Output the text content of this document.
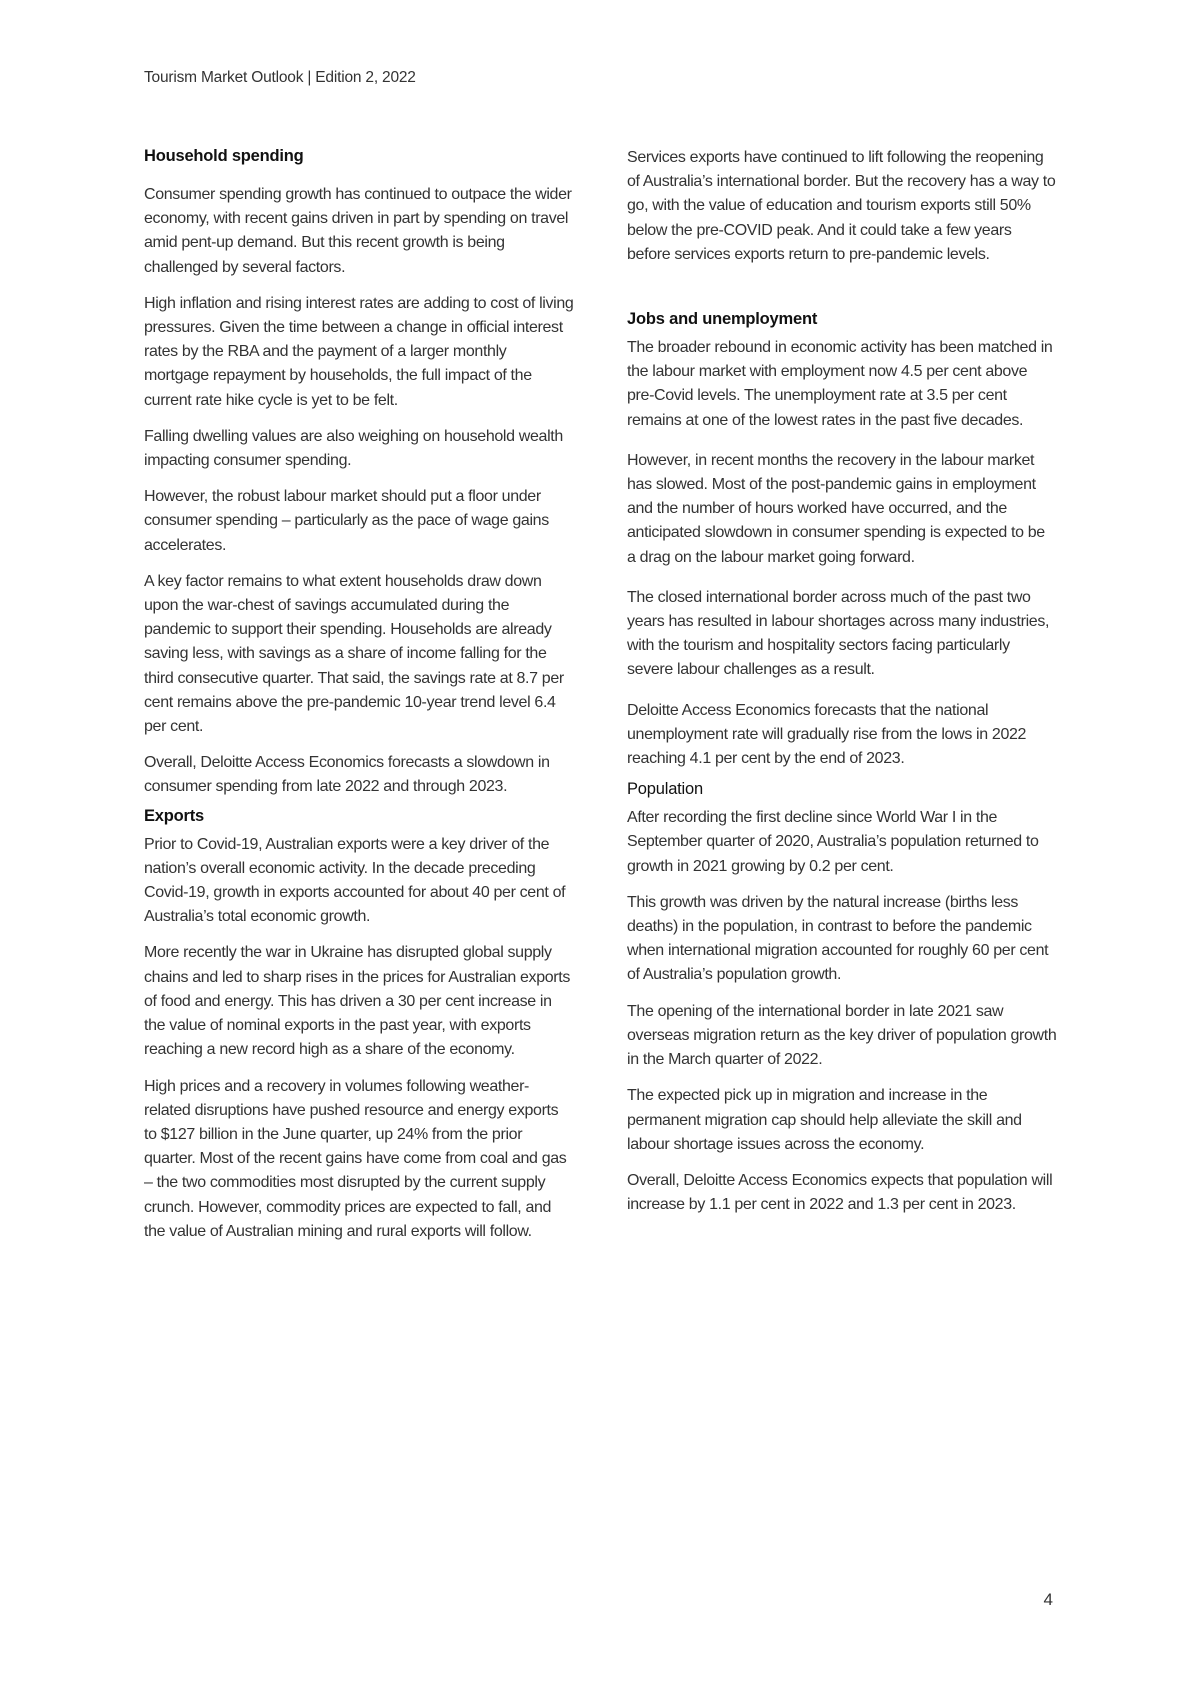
Tourism Market Outlook | Edition 2, 2022
Household spending

Consumer spending growth has continued to outpace the wider economy, with recent gains driven in part by spending on travel amid pent-up demand. But this recent growth is being challenged by several factors.

High inflation and rising interest rates are adding to cost of living pressures. Given the time between a change in official interest rates by the RBA and the payment of a larger monthly mortgage repayment by households, the full impact of the current rate hike cycle is yet to be felt.

Falling dwelling values are also weighing on household wealth impacting consumer spending.

However, the robust labour market should put a floor under consumer spending – particularly as the pace of wage gains accelerates.

A key factor remains to what extent households draw down upon the war-chest of savings accumulated during the pandemic to support their spending. Households are already saving less, with savings as a share of income falling for the third consecutive quarter. That said, the savings rate at 8.7 per cent remains above the pre-pandemic 10-year trend level 6.4 per cent.

Overall, Deloitte Access Economics forecasts a slowdown in consumer spending from late 2022 and through 2023.

Exports

Prior to Covid-19, Australian exports were a key driver of the nation’s overall economic activity. In the decade preceding Covid-19, growth in exports accounted for about 40 per cent of Australia’s total economic growth.

More recently the war in Ukraine has disrupted global supply chains and led to sharp rises in the prices for Australian exports of food and energy. This has driven a 30 per cent increase in the value of nominal exports in the past year, with exports reaching a new record high as a share of the economy.

High prices and a recovery in volumes following weather-related disruptions have pushed resource and energy exports to $127 billion in the June quarter, up 24% from the prior quarter. Most of the recent gains have come from coal and gas – the two commodities most disrupted by the current supply crunch. However, commodity prices are expected to fall, and the value of Australian mining and rural exports will follow.

Services exports have continued to lift following the reopening of Australia’s international border. But the recovery has a way to go, with the value of education and tourism exports still 50% below the pre-COVID peak. And it could take a few years before services exports return to pre-pandemic levels.

Jobs and unemployment

The broader rebound in economic activity has been matched in the labour market with employment now 4.5 per cent above pre-Covid levels. The unemployment rate at 3.5 per cent remains at one of the lowest rates in the past five decades.

However, in recent months the recovery in the labour market has slowed. Most of the post-pandemic gains in employment and the number of hours worked have occurred, and the anticipated slowdown in consumer spending is expected to be a drag on the labour market going forward.

The closed international border across much of the past two years has resulted in labour shortages across many industries, with the tourism and hospitality sectors facing particularly severe labour challenges as a result.

Deloitte Access Economics forecasts that the national unemployment rate will gradually rise from the lows in 2022 reaching 4.1 per cent by the end of 2023.

Population

After recording the first decline since World War I in the September quarter of 2020, Australia’s population returned to growth in 2021 growing by 0.2 per cent.

This growth was driven by the natural increase (births less deaths) in the population, in contrast to before the pandemic when international migration accounted for roughly 60 per cent of Australia’s population growth.

The opening of the international border in late 2021 saw overseas migration return as the key driver of population growth in the March quarter of 2022.

The expected pick up in migration and increase in the permanent migration cap should help alleviate the skill and labour shortage issues across the economy.

Overall, Deloitte Access Economics expects that population will increase by 1.1 per cent in 2022 and 1.3 per cent in 2023.

4
